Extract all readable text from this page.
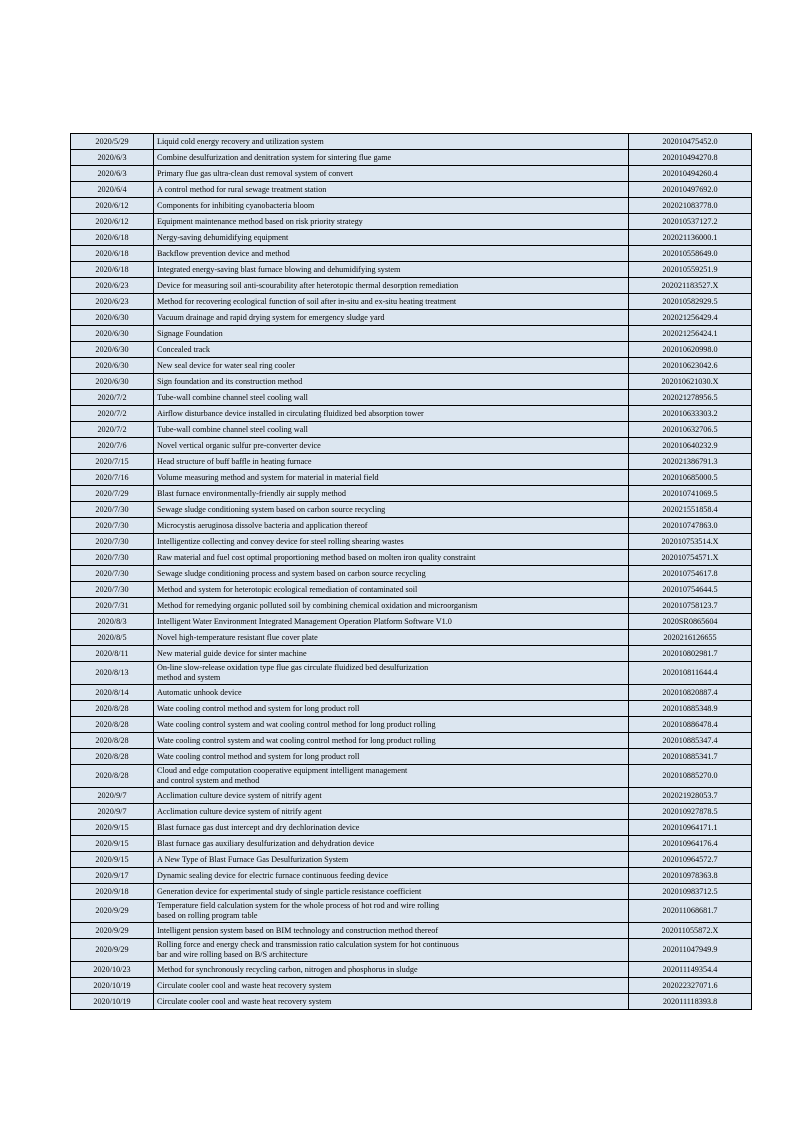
2020/5/29	Liquid cold energy recovery and utilization system	202010475452.0
2020/6/3	Combine desulfurization and denitration system for sintering flue game	202010494270.8
2020/6/3	Primary flue gas ultra-clean dust removal system of convert	202010494260.4
2020/6/4	A control method for rural sewage treatment station	202010497692.0
2020/6/12	Components for inhibiting cyanobacteria bloom	202021083778.0
2020/6/12	Equipment maintenance method based on risk priority strategy	202010537127.2
2020/6/18	Nergy-saving dehumidifying equipment	202021136000.1
2020/6/18	Backflow prevention device and method	202010558649.0
2020/6/18	Integrated energy-saving blast furnace blowing and dehumidifying system	202010559251.9
2020/6/23	Device for measuring soil anti-scourability after heterotopic thermal desorption remediation	202021183527.X
2020/6/23	Method for recovering ecological function of soil after in-situ and ex-situ heating treatment	202010582929.5
2020/6/30	Vacuum drainage and rapid drying system for emergency sludge yard	202021256429.4
2020/6/30	Signage Foundation	202021256424.1
2020/6/30	Concealed track	202010620998.0
2020/6/30	New seal device for water seal ring cooler	202010623042.6
2020/6/30	Sign foundation and its construction method	202010621030.X
2020/7/2	Tube-wall combine channel steel cooling wall	202021278956.5
2020/7/2	Airflow disturbance device installed in circulating fluidized bed absorption tower	202010633303.2
2020/7/2	Tube-wall combine channel steel cooling wall	202010632706.5
2020/7/6	Novel vertical organic sulfur pre-converter device	202010640232.9
2020/7/15	Head structure of buff baffle in heating furnace	202021386791.3
2020/7/16	Volume measuring method and system for material in material field	202010685000.5
2020/7/29	Blast furnace environmentally-friendly air supply method	202010741069.5
2020/7/30	Sewage sludge conditioning system based on carbon source recycling	202021551858.4
2020/7/30	Microcystis aeruginosa dissolve bacteria and application thereof	202010747863.0
2020/7/30	Intelligentize collecting and convey device for steel rolling shearing wastes	202010753514.X
2020/7/30	Raw material and fuel cost optimal proportioning method based on molten iron quality constraint	202010754571.X
2020/7/30	Sewage sludge conditioning process and system based on carbon source recycling	202010754617.8
2020/7/30	Method and system for heterotopic ecological remediation of contaminated soil	202010754644.5
2020/7/31	Method for remedying organic polluted soil by combining chemical oxidation and microorganism	202010758123.7
2020/8/3	Intelligent Water Environment Integrated Management Operation Platform Software V1.0	2020SR0865604
2020/8/5	Novel high-temperature resistant flue cover plate	2020216126655
2020/8/11	New material guide device for sinter machine	202010802981.7
2020/8/13	On-line slow-release oxidation type flue gas circulate fluidized bed desulfurization
method and system	202010811644.4
2020/8/14	Automatic unhook device	202010820887.4
2020/8/28	Wate cooling control method and system for long product roll	202010885348.9
2020/8/28	Wate cooling control system and wat cooling control method for long product rolling	202010886478.4
2020/8/28	Wate cooling control system and wat cooling control method for long product rolling	202010885347.4
2020/8/28	Wate cooling control method and system for long product roll	202010885341.7
2020/8/28	Cloud and edge computation cooperative equipment intelligent management
and control system and method	202010885270.0
2020/9/7	Acclimation culture device system of nitrify agent	202021928053.7
2020/9/7	Acclimation culture device system of nitrify agent	202010927878.5
2020/9/15	Blast furnace gas dust intercept and dry dechlorination device	202010964171.1
2020/9/15	Blast furnace gas auxiliary desulfurization and dehydration device	202010964176.4
2020/9/15	A New Type of Blast Furnace Gas Desulfurization System	202010964572.7
2020/9/17	Dynamic sealing device for electric furnace continuous feeding device	202010978363.8
2020/9/18	Generation device for experimental study of single particle resistance coefficient	202010983712.5
2020/9/29	Temperature field calculation system for the whole process of hot rod and wire rolling
based on rolling program table	202011068681.7
2020/9/29	Intelligent pension system based on BIM technology and construction method thereof	202011055872.X
2020/9/29	Rolling force and energy check and transmission ratio calculation system for hot continuous
bar and wire rolling based on B/S architecture	202011047949.9
2020/10/23	Method for synchronously recycling carbon, nitrogen and phosphorus in sludge	202011149354.4
2020/10/19	Circulate cooler cool and waste heat recovery system	202022327071.6
2020/10/19	Circulate cooler cool and waste heat recovery system	202011118393.8
